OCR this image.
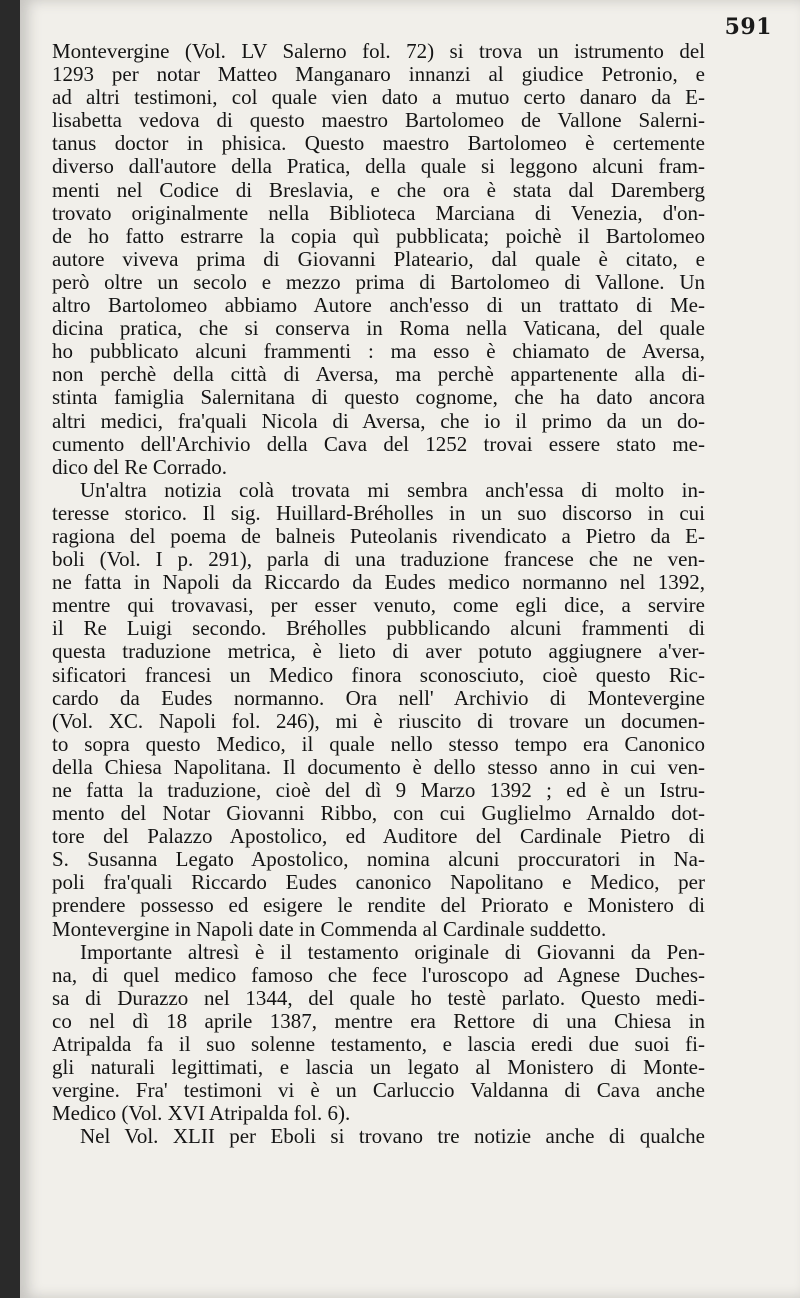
591
Montevergine (Vol. LV Salerno fol. 72) si trova un istrumento del
1293 per notar Matteo Manganaro innanzi al giudice Petronio, e
ad altri testimoni, col quale vien dato a mutuo certo danaro da E-
lisabetta vedova di questo maestro Bartolomeo de Vallone Salerni-
tanus doctor in phisica. Questo maestro Bartolomeo è certemente
diverso dall'autore della Pratica, della quale si leggono alcuni fram-
menti nel Codice di Breslavia, e che ora è stata dal Daremberg
trovato originalmente nella Biblioteca Marciana di Venezia, d'on-
de ho fatto estrarre la copia quì pubblicata; poichè il Bartolomeo
autore viveva prima di Giovanni Plateario, dal quale è citato, e
però oltre un secolo e mezzo prima di Bartolomeo di Vallone. Un
altro Bartolomeo abbiamo Autore anch'esso di un trattato di Me-
dicina pratica, che si conserva in Roma nella Vaticana, del quale
ho pubblicato alcuni frammenti : ma esso è chiamato de Aversa,
non perchè della città di Aversa, ma perchè appartenente alla di-
stinta famiglia Salernitana di questo cognome, che ha dato ancora
altri medici, fra'quali Nicola di Aversa, che io il primo da un do-
cumento dell'Archivio della Cava del 1252 trovai essere stato me-
dico del Re Corrado.
Un'altra notizia colà trovata mi sembra anch'essa di molto in-
teresse storico. Il sig. Huillard-Bréholles in un suo discorso in cui
ragiona del poema de balneis Puteolanis rivendicato a Pietro da E-
boli (Vol. I p. 291), parla di una traduzione francese che ne ven-
ne fatta in Napoli da Riccardo da Eudes medico normanno nel 1392,
mentre qui trovavasi, per esser venuto, come egli dice, a servire
il Re Luigi secondo. Bréholles pubblicando alcuni frammenti di
questa traduzione metrica, è lieto di aver potuto aggiugnere a'ver-
sificatori francesi un Medico finora sconosciuto, cioè questo Ric-
cardo da Eudes normanno. Ora nell' Archivio di Montevergine
(Vol. XC. Napoli fol. 246), mi è riuscito di trovare un documen-
to sopra questo Medico, il quale nello stesso tempo era Canonico
della Chiesa Napolitana. Il documento è dello stesso anno in cui ven-
ne fatta la traduzione, cioè del dì 9 Marzo 1392 ; ed è un Istru-
mento del Notar Giovanni Ribbo, con cui Guglielmo Arnaldo dot-
tore del Palazzo Apostolico, ed Auditore del Cardinale Pietro di
S. Susanna Legato Apostolico, nomina alcuni proccuratori in Na-
poli fra'quali Riccardo Eudes canonico Napolitano e Medico, per
prendere possesso ed esigere le rendite del Priorato e Monistero di
Montevergine in Napoli date in Commenda al Cardinale suddetto.
Importante altresì è il testamento originale di Giovanni da Pen-
na, di quel medico famoso che fece l'uroscopo ad Agnese Duches-
sa di Durazzo nel 1344, del quale ho testè parlato. Questo medi-
co nel dì 18 aprile 1387, mentre era Rettore di una Chiesa in
Atripalda fa il suo solenne testamento, e lascia eredi due suoi fi-
gli naturali legittimati, e lascia un legato al Monistero di Monte-
vergine. Fra' testimoni vi è un Carluccio Valdanna di Cava anche
Medico (Vol. XVI Atripalda fol. 6).
Nel Vol. XLII per Eboli si trovano tre notizie anche di qualche
